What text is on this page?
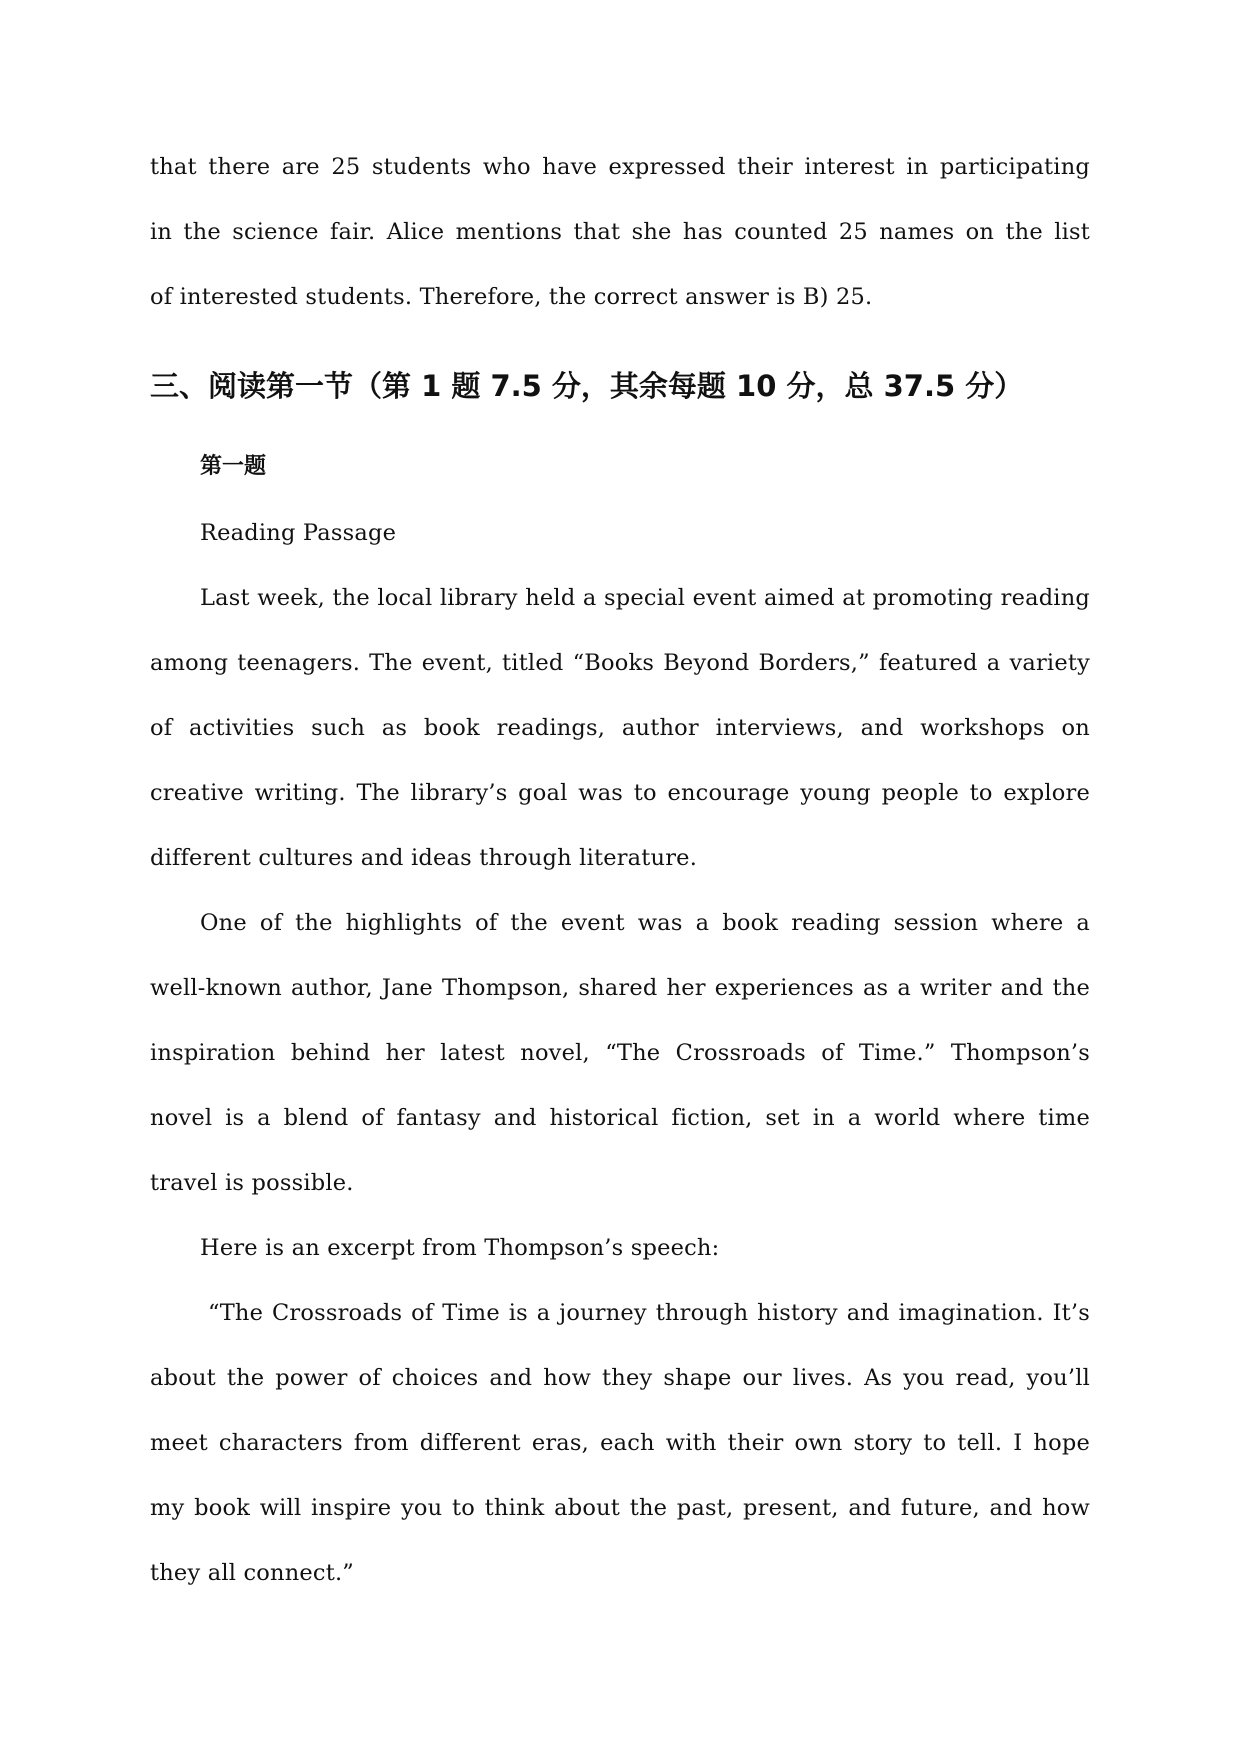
that there are 25 students who have expressed their interest in participating

in the science fair. Alice mentions that she has counted 25 names on the list

of interested students. Therefore, the correct answer is B) 25.

三、阅读第一节（第 1 题 7.5 分，其余每题 10 分，总 37.5 分）
第一题

Reading Passage

Last week, the local library held a special event aimed at promoting reading

among teenagers. The event, titled “Books Beyond Borders,” featured a variety

of activities such as book readings, author interviews, and workshops on

creative writing. The library’s goal was to encourage young people to explore

different cultures and ideas through literature.

One of the highlights of the event was a book reading session where a

well-known author, Jane Thompson, shared her experiences as a writer and the

inspiration behind her latest novel, “The Crossroads of Time.” Thompson’s

novel is a blend of fantasy and historical fiction, set in a world where time

travel is possible.

Here is an excerpt from Thompson’s speech:

“The Crossroads of Time is a journey through history and imagination. It’s

about the power of choices and how they shape our lives. As you read, you’ll

meet characters from different eras, each with their own story to tell. I hope

my book will inspire you to think about the past, present, and future, and how

they all connect.”
